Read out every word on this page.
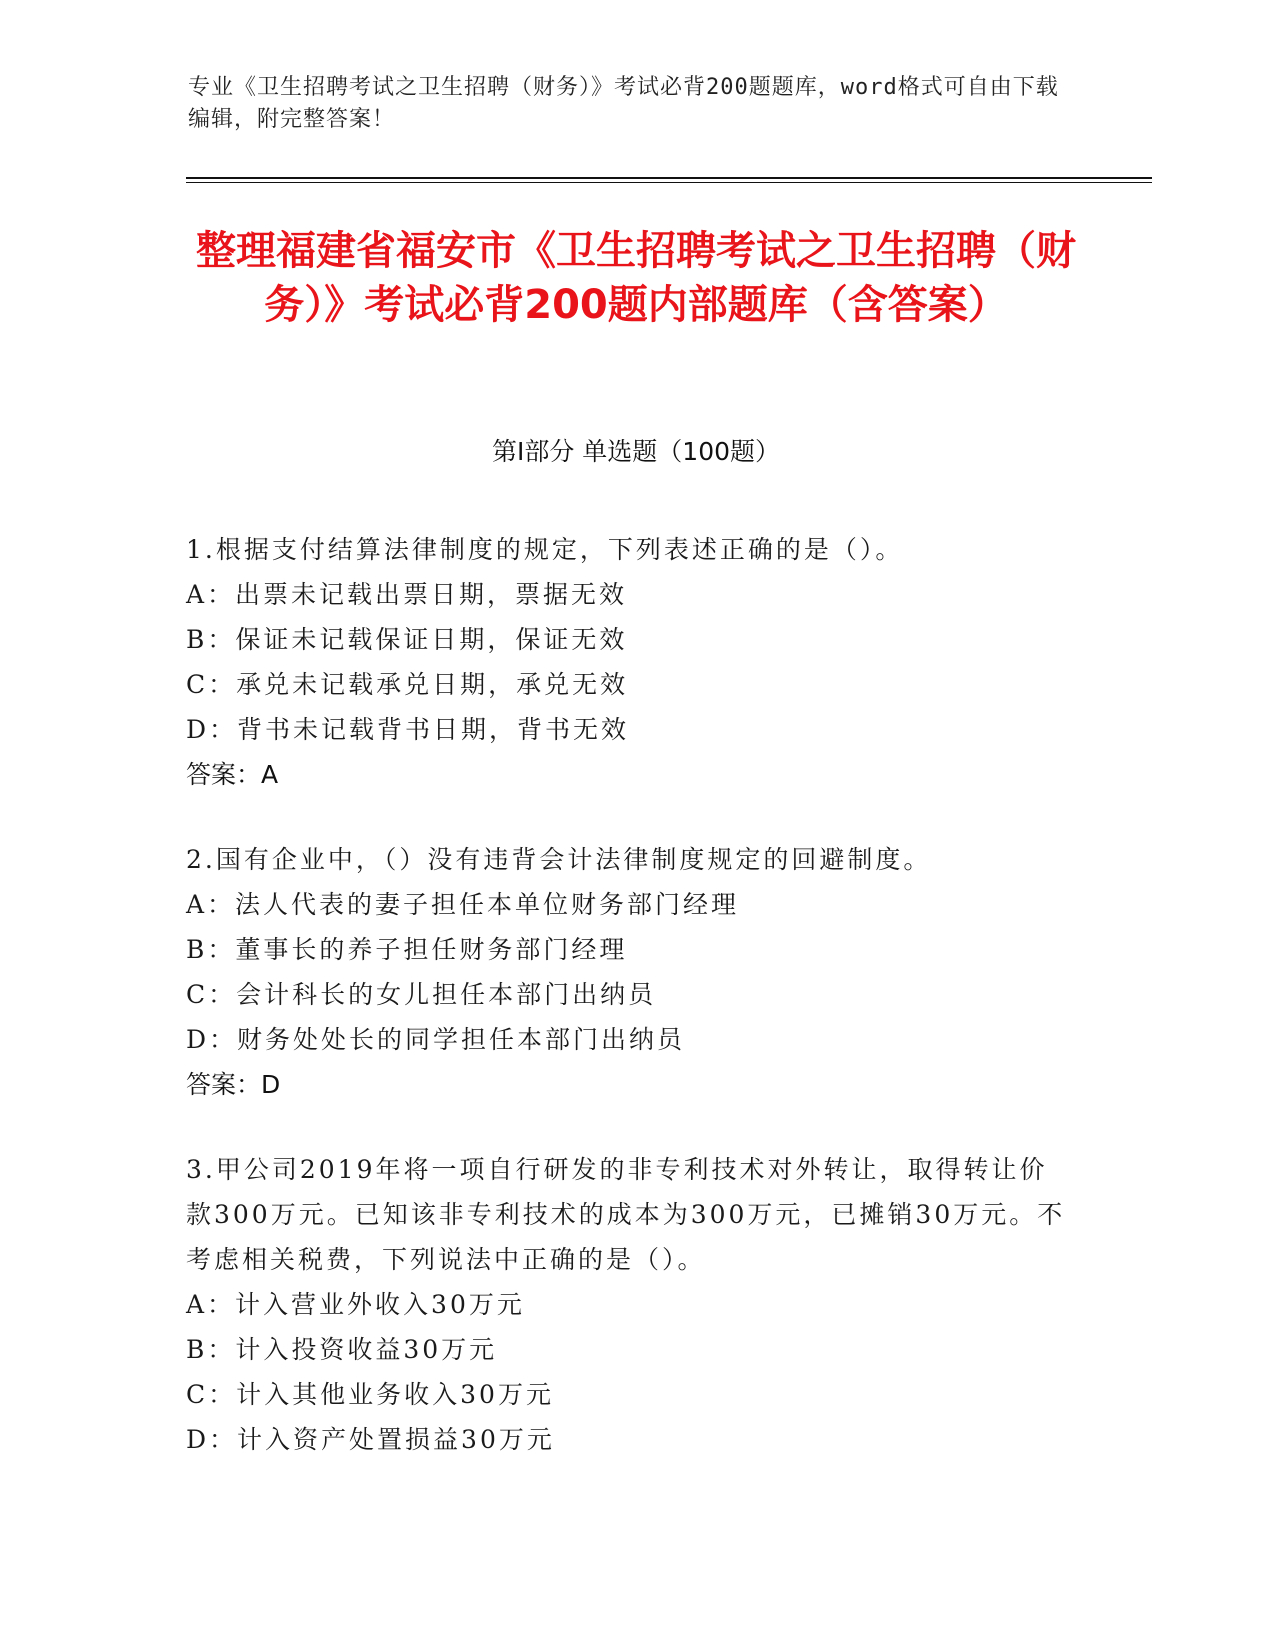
专业《卫生招聘考试之卫生招聘（财务）》考试必背200题题库，word格式可自由下载编辑，附完整答案！
整理福建省福安市《卫生招聘考试之卫生招聘（财务）》考试必背200题内部题库（含答案）
第Ⅰ部分 单选题（100题）

1.根据支付结算法律制度的规定，下列表述正确的是（）。

A：出票未记载出票日期，票据无效

B：保证未记载保证日期，保证无效

C：承兑未记载承兑日期，承兑无效

D：背书未记载背书日期，背书无效

答案：A

2.国有企业中，（）没有违背会计法律制度规定的回避制度。

A：法人代表的妻子担任本单位财务部门经理

B：董事长的养子担任财务部门经理

C：会计科长的女儿担任本部门出纳员

D：财务处处长的同学担任本部门出纳员

答案：D

3.甲公司2019年将一项自行研发的非专利技术对外转让，取得转让价款300万元。已知该非专利技术的成本为300万元，已摊销30万元。不考虑相关税费，下列说法中正确的是（）。

A：计入营业外收入30万元

B：计入投资收益30万元

C：计入其他业务收入30万元

D：计入资产处置损益30万元
